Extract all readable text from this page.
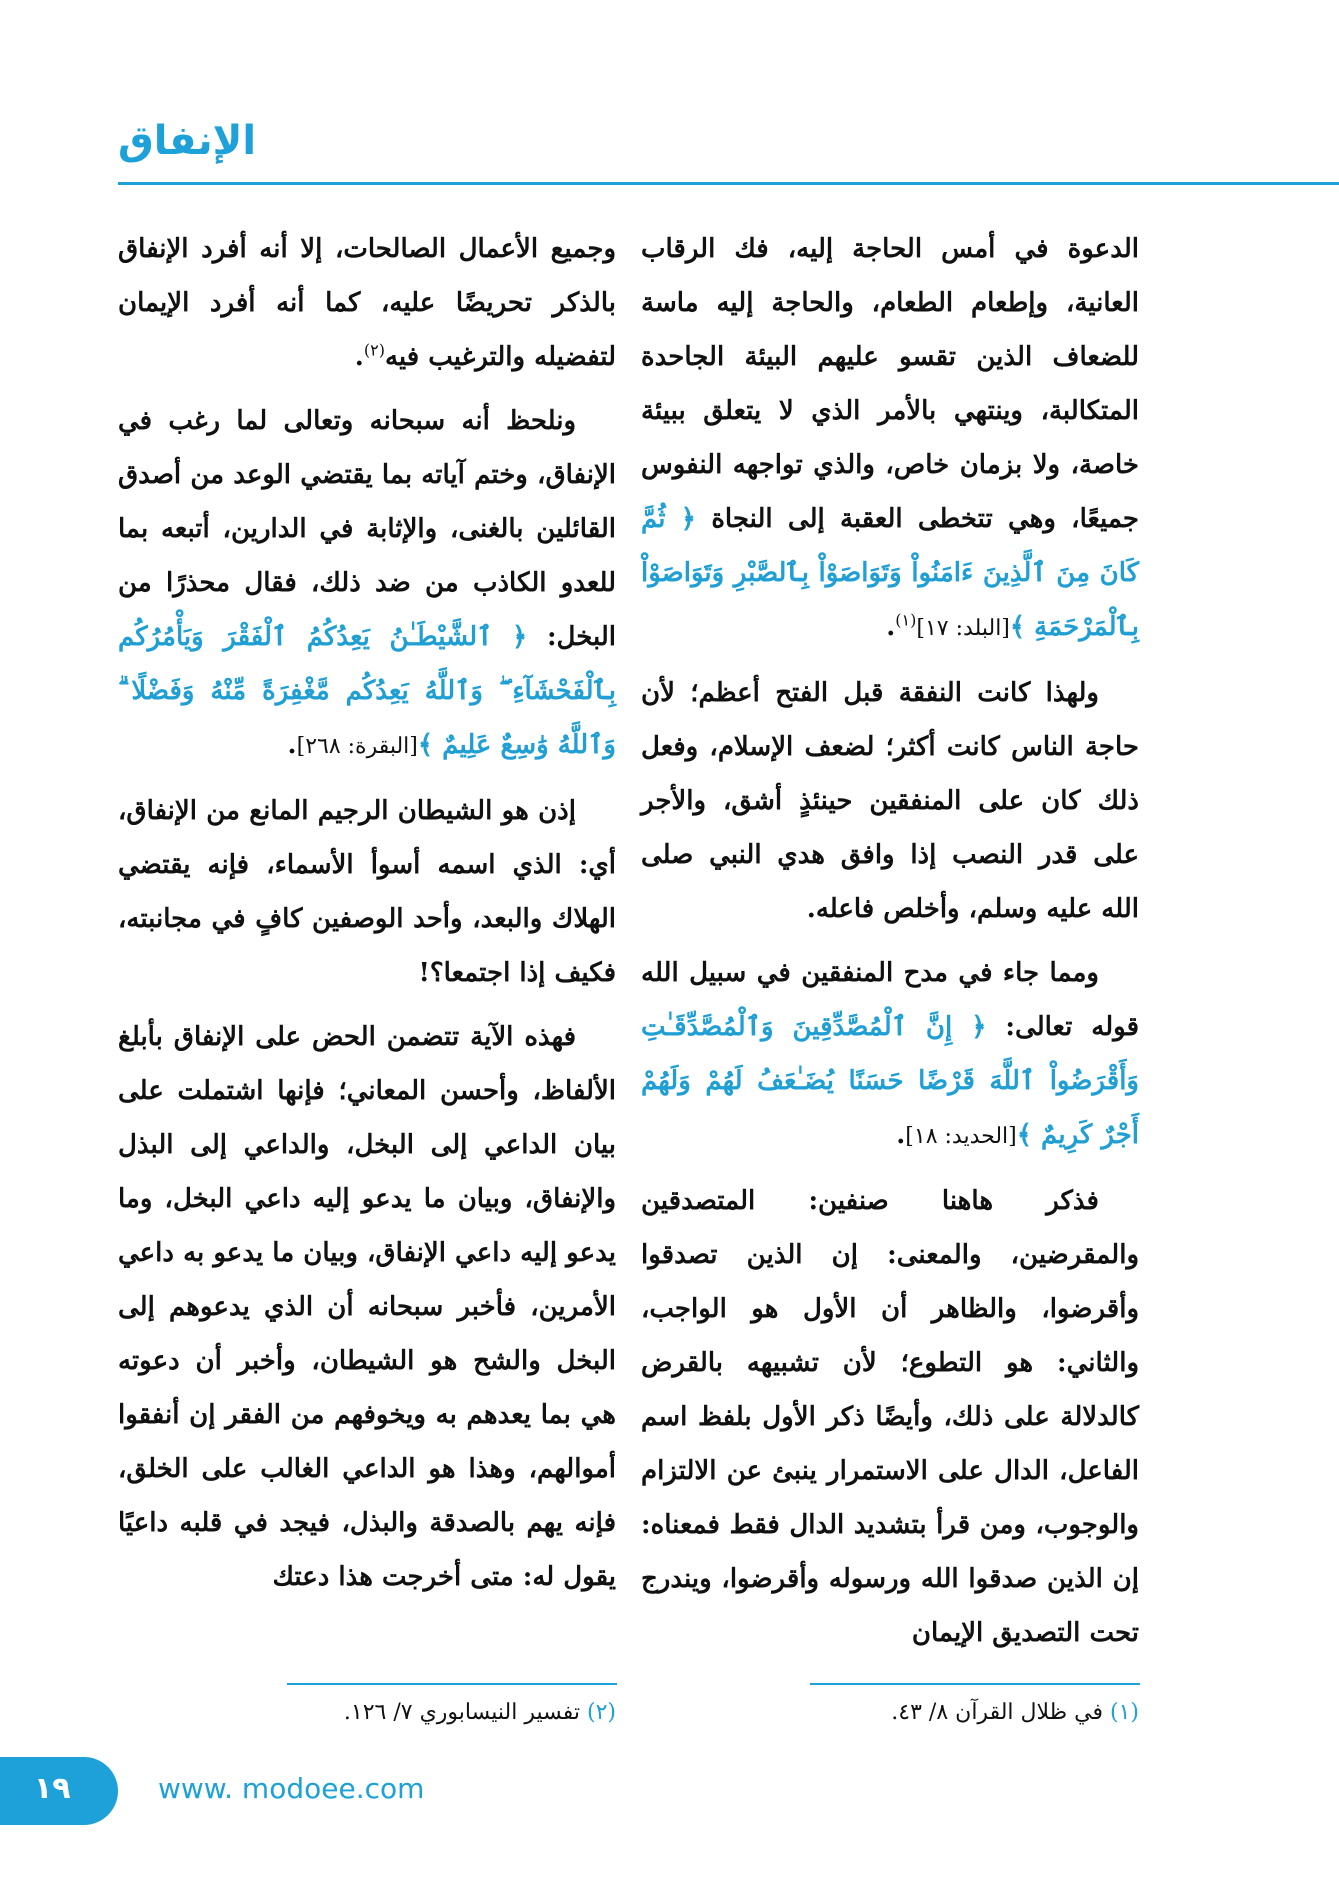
الإنفاق

الدعوة في أمس الحاجة إليه، فك الرقاب العانية، وإطعام الطعام، والحاجة إليه ماسة للضعاف الذين تقسو عليهم البيئة الجاحدة المتكالبة، وينتهي بالأمر الذي لا يتعلق ببيئة خاصة، ولا بزمان خاص، والذي تواجهه النفوس جميعًا، وهي تتخطى العقبة إلى النجاة ﴿ ثُمَّ كَانَ مِنَ ٱلَّذِينَ ءَامَنُواْ وَتَوَاصَوْاْ بِٱلصَّبْرِ وَتَوَاصَوْاْ بِٱلْمَرْحَمَةِ ﴾[البلد: ١٧]$^{(١)}$.

ولهذا كانت النفقة قبل الفتح أعظم؛ لأن حاجة الناس كانت أكثر؛ لضعف الإسلام، وفعل ذلك كان على المنفقين حينئذٍ أشق، والأجر على قدر النصب إذا وافق هدي النبي صلى الله عليه وسلم، وأخلص فاعله.

ومما جاء في مدح المنفقين في سبيل الله قوله تعالى: ﴿ إِنَّ ٱلْمُصَّدِّقِينَ وَٱلْمُصَّدِّقَـٰتِ وَأَقْرَضُواْ ٱللَّهَ قَرْضًا حَسَنًا يُضَـٰعَفُ لَهُمْ وَلَهُمْ أَجْرٌ كَرِيمٌ ﴾[الحديد: ١٨].

فذكر هاهنا صنفين: المتصدقين والمقرضين، والمعنى: إن الذين تصدقوا وأقرضوا، والظاهر أن الأول هو الواجب، والثاني: هو التطوع؛ لأن تشبيهه بالقرض كالدلالة على ذلك، وأيضًا ذكر الأول بلفظ اسم الفاعل، الدال على الاستمرار ينبئ عن الالتزام والوجوب، ومن قرأ بتشديد الدال فقط فمعناه: إن الذين صدقوا الله ورسوله وأقرضوا، ويندرج تحت التصديق الإيمان

وجميع الأعمال الصالحات، إلا أنه أفرد الإنفاق بالذكر تحريضًا عليه، كما أنه أفرد الإيمان لتفضيله والترغيب فيه$^{(٢)}$.

ونلحظ أنه سبحانه وتعالى لما رغب في الإنفاق، وختم آياته بما يقتضي الوعد من أصدق القائلين بالغنى، والإثابة في الدارين، أتبعه بما للعدو الكاذب من ضد ذلك، فقال محذرًا من البخل: ﴿ ٱلشَّيْطَـٰنُ يَعِدُكُمُ ٱلْفَقْرَ وَيَأْمُرُكُم بِٱلْفَحْشَآءِ ۖ وَٱللَّهُ يَعِدُكُم مَّغْفِرَةً مِّنْهُ وَفَضْلًا ۗ وَٱللَّهُ وَٰسِعٌ عَلِيمٌ ﴾[البقرة: ٢٦٨].

إذن هو الشيطان الرجيم المانع من الإنفاق، أي: الذي اسمه أسوأ الأسماء، فإنه يقتضي الهلاك والبعد، وأحد الوصفين كافٍ في مجانبته، فكيف إذا اجتمعا؟!

فهذه الآية تتضمن الحض على الإنفاق بأبلغ الألفاظ، وأحسن المعاني؛ فإنها اشتملت على بيان الداعي إلى البخل، والداعي إلى البذل والإنفاق، وبيان ما يدعو إليه داعي البخل، وما يدعو إليه داعي الإنفاق، وبيان ما يدعو به داعي الأمرين، فأخبر سبحانه أن الذي يدعوهم إلى البخل والشح هو الشيطان، وأخبر أن دعوته هي بما يعدهم به ويخوفهم من الفقر إن أنفقوا أموالهم، وهذا هو الداعي الغالب على الخلق، فإنه يهم بالصدقة والبذل، فيجد في قلبه داعيًا يقول له: متى أخرجت هذا دعتك

(١) في ظلال القرآن ٨/ ٤٣.
(٢) تفسير النيسابوري ٧/ ١٢٦.
١٩	www. modoee.com
